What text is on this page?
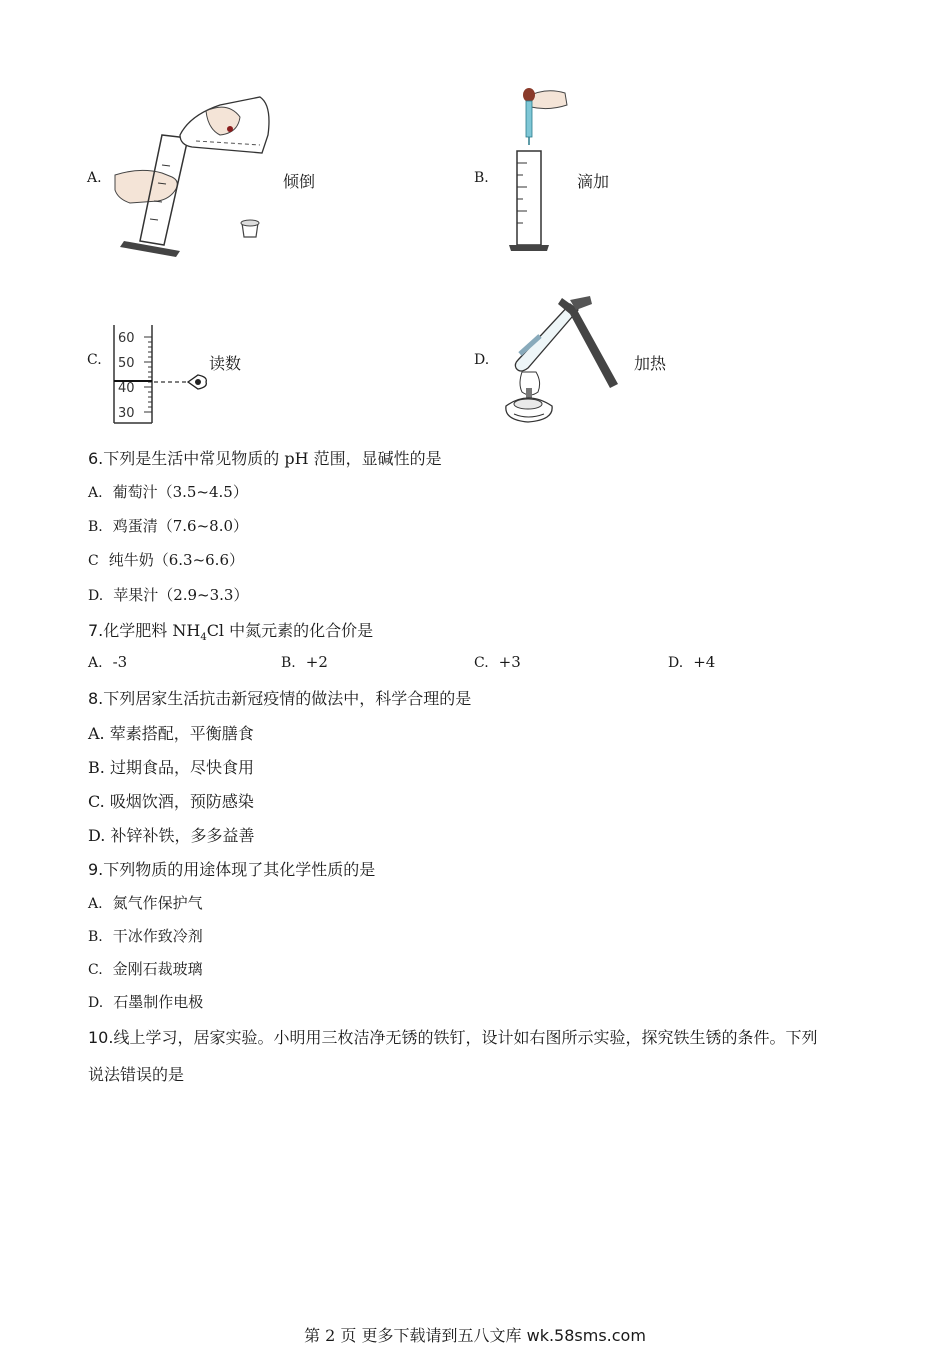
A.	倾倒	B.	滴加
C.
60
50
40
30
读数	D.	加热
6.下列是生活中常见物质的 pH 范围，显碱性的是
A. 葡萄汁（3.5~4.5）
B. 鸡蛋清（7.6~8.0）
C 纯牛奶（6.3~6.6）
D. 苹果汁（2.9~3.3）
7.化学肥料 $NH_4Cl$ 中氮元素的化合价是
A. -3	B. +2	C. +3	D. +4
8.下列居家生活抗击新冠疫情的做法中，科学合理的是
A. 荤素搭配，平衡膳食
B. 过期食品，尽快食用
C. 吸烟饮酒，预防感染
D. 补锌补铁，多多益善
9.下列物质的用途体现了其化学性质的是
A. 氮气作保护气
B. 干冰作致冷剂
C. 金刚石裁玻璃
D. 石墨制作电极
10.线上学习，居家实验。小明用三枚洁净无锈的铁钉，设计如右图所示实验，探究铁生锈的条件。下列
说法错误的是
第 2 页 更多下载请到五八文库 wk.58sms.com
